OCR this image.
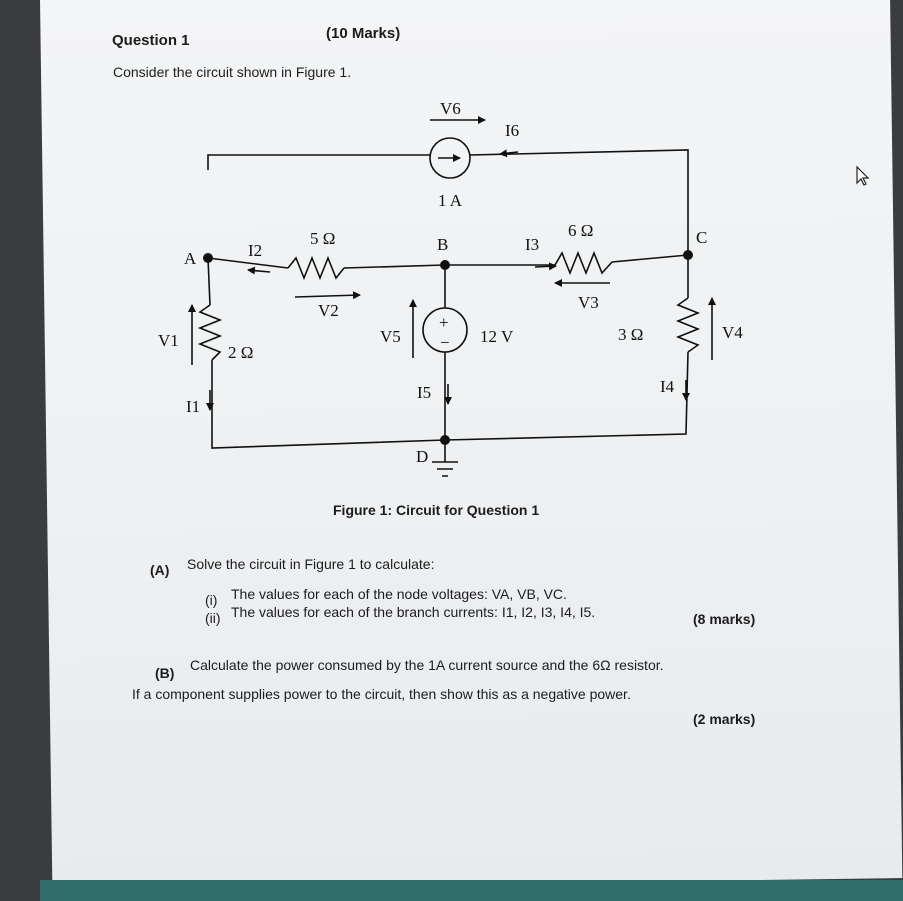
Question 1	(10 Marks)
Consider the circuit shown in Figure 1.
V6
I6
1 A
A	I2
5 Ω	B	I3
6 Ω	C
V2	V3
V1
2 Ω
V5
+
− 12 V	3 Ω	V4
I1
I5	I4
D
Figure 1: Circuit for Question 1
(A) Solve the circuit in Figure 1 to calculate:
(i) The values for each of the node voltages: VA, VB, VC.
(ii) The values for each of the branch currents: I1, I2, I3, I4, I5.	(8 marks)
(B) Calculate the power consumed by the 1A current source and the 6Ω resistor.
If a component supplies power to the circuit, then show this as a negative power.
(2 marks)
